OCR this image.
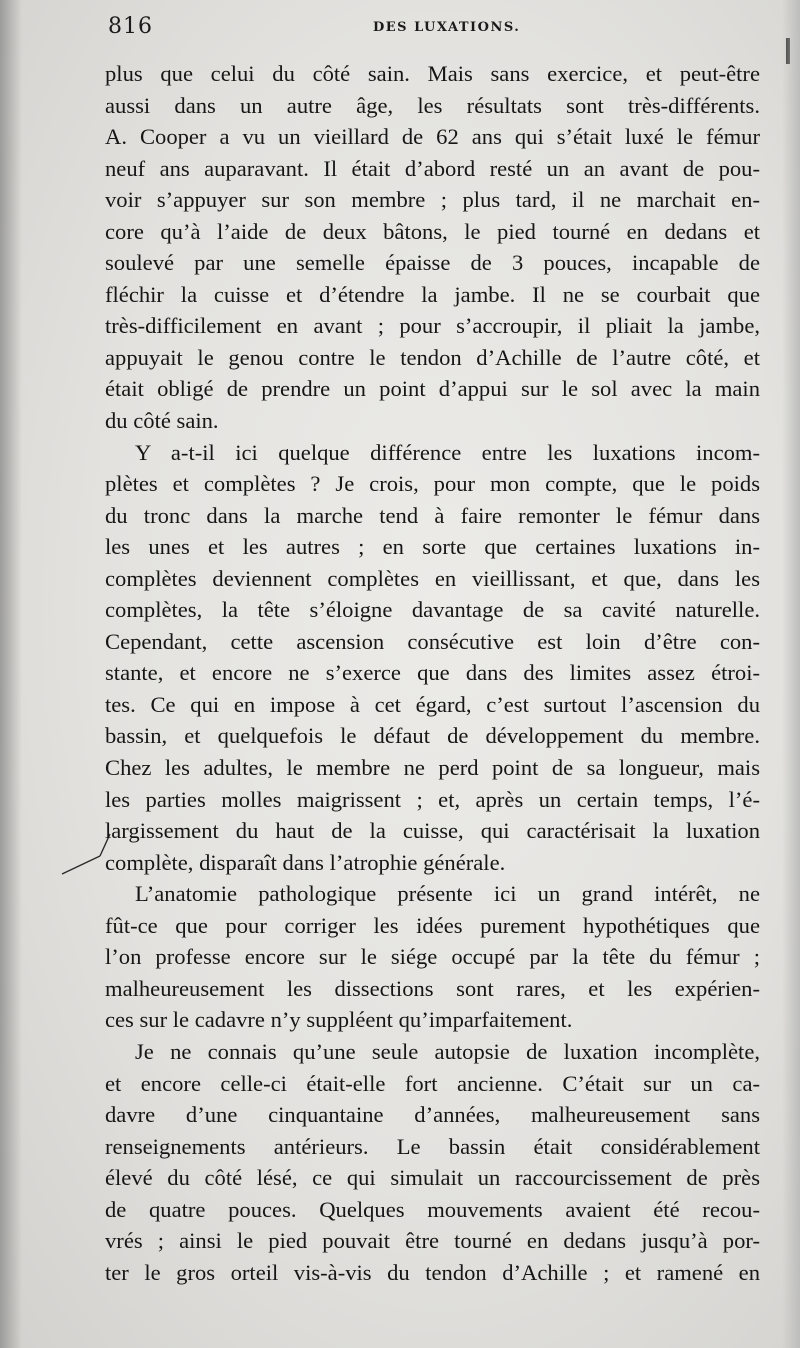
816	DES LUXATIONS.
plus que celui du côté sain. Mais sans exercice, et peut-être
aussi dans un autre âge, les résultats sont très-différents.
A. Cooper a vu un vieillard de 62 ans qui s’était luxé le fémur
neuf ans auparavant. Il était d’abord resté un an avant de pou-
voir s’appuyer sur son membre ; plus tard, il ne marchait en-
core qu’à l’aide de deux bâtons, le pied tourné en dedans et
soulevé par une semelle épaisse de 3 pouces, incapable de
fléchir la cuisse et d’étendre la jambe. Il ne se courbait que
très-difficilement en avant ; pour s’accroupir, il pliait la jambe,
appuyait le genou contre le tendon d’Achille de l’autre côté, et
était obligé de prendre un point d’appui sur le sol avec la main
du côté sain.
Y a-t-il ici quelque différence entre les luxations incom-
plètes et complètes ? Je crois, pour mon compte, que le poids
du tronc dans la marche tend à faire remonter le fémur dans
les unes et les autres ; en sorte que certaines luxations in-
complètes deviennent complètes en vieillissant, et que, dans les
complètes, la tête s’éloigne davantage de sa cavité naturelle.
Cependant, cette ascension consécutive est loin d’être con-
stante, et encore ne s’exerce que dans des limites assez étroi-
tes. Ce qui en impose à cet égard, c’est surtout l’ascension du
bassin, et quelquefois le défaut de développement du membre.
Chez les adultes, le membre ne perd point de sa longueur, mais
les parties molles maigrissent ; et, après un certain temps, l’é-
largissement du haut de la cuisse, qui caractérisait la luxation
complète, disparaît dans l’atrophie générale.
L’anatomie pathologique présente ici un grand intérêt, ne
fût-ce que pour corriger les idées purement hypothétiques que
l’on professe encore sur le siége occupé par la tête du fémur ;
malheureusement les dissections sont rares, et les expérien-
ces sur le cadavre n’y suppléent qu’imparfaitement.
Je ne connais qu’une seule autopsie de luxation incomplète,
et encore celle-ci était-elle fort ancienne. C’était sur un ca-
davre d’une cinquantaine d’années, malheureusement sans
renseignements antérieurs. Le bassin était considérablement
élevé du côté lésé, ce qui simulait un raccourcissement de près
de quatre pouces. Quelques mouvements avaient été recou-
vrés ; ainsi le pied pouvait être tourné en dedans jusqu’à por-
ter le gros orteil vis-à-vis du tendon d’Achille ; et ramené en
